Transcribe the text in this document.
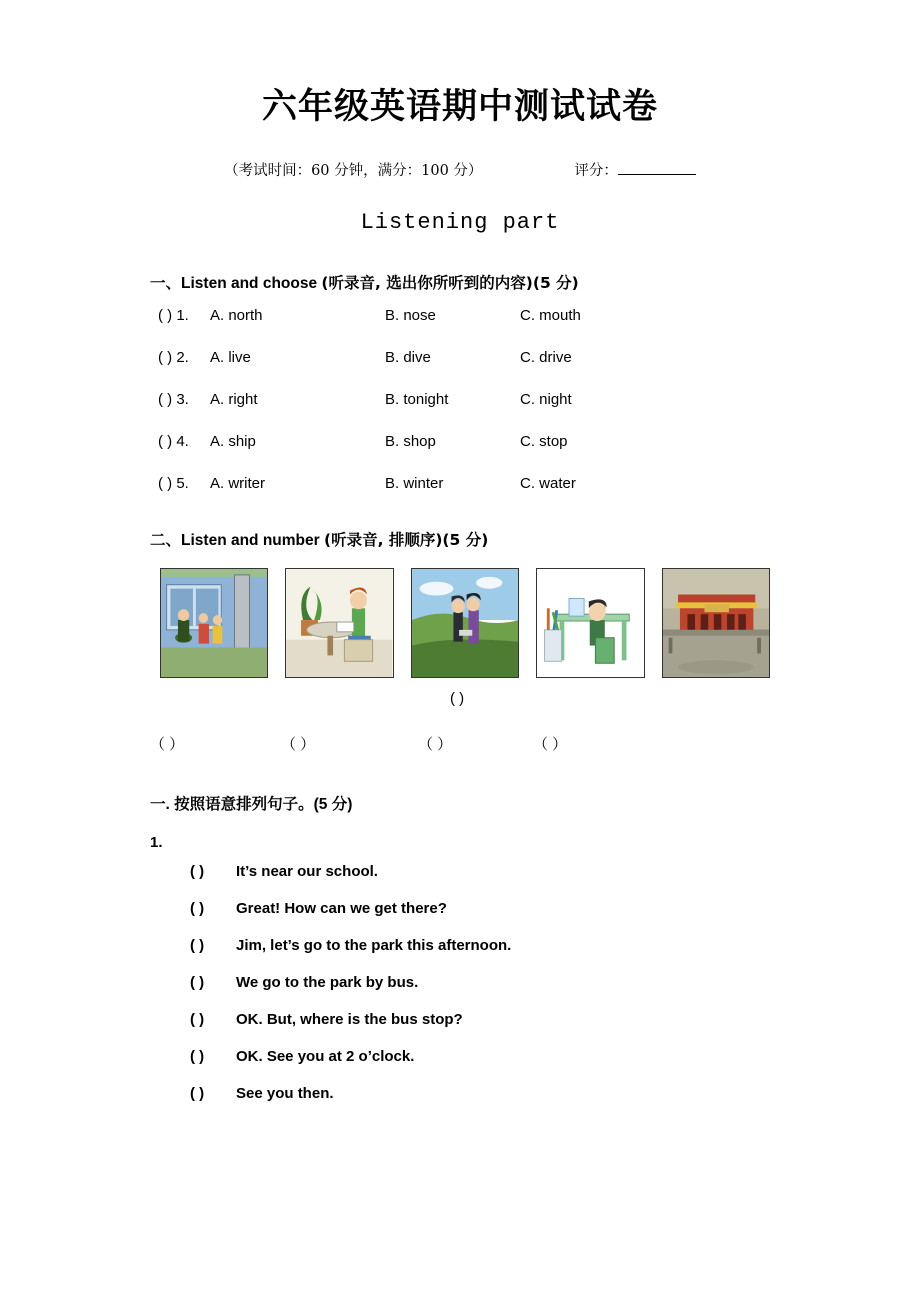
六年级英语期中测试试卷
（考试时间：60 分钟，满分：100 分）	评分：
Listening part
一、Listen and choose (听录音, 选出你所听到的内容)(5 分)
( ) 1.	A. north	B. nose	C. mouth
( ) 2.	A. live	B. dive	C. drive
( ) 3.	A. right	B. tonight	C. night
( ) 4.	A. ship	B. shop	C. stop
( ) 5.	A. writer	B. winter	C. water
二、Listen and number (听录音, 排顺序)(5 分)
( )
（ ）	（ ）	（ ）	（ ）
一. 按照语意排列句子。(5 分)
1.
( ) It’s near our school.
( ) Great! How can we get there?
( ) Jim, let’s go to the park this afternoon.
( ) We go to the park by bus.
( ) OK. But, where is the bus stop?
( ) OK. See you at 2 o’clock.
( ) See you then.
